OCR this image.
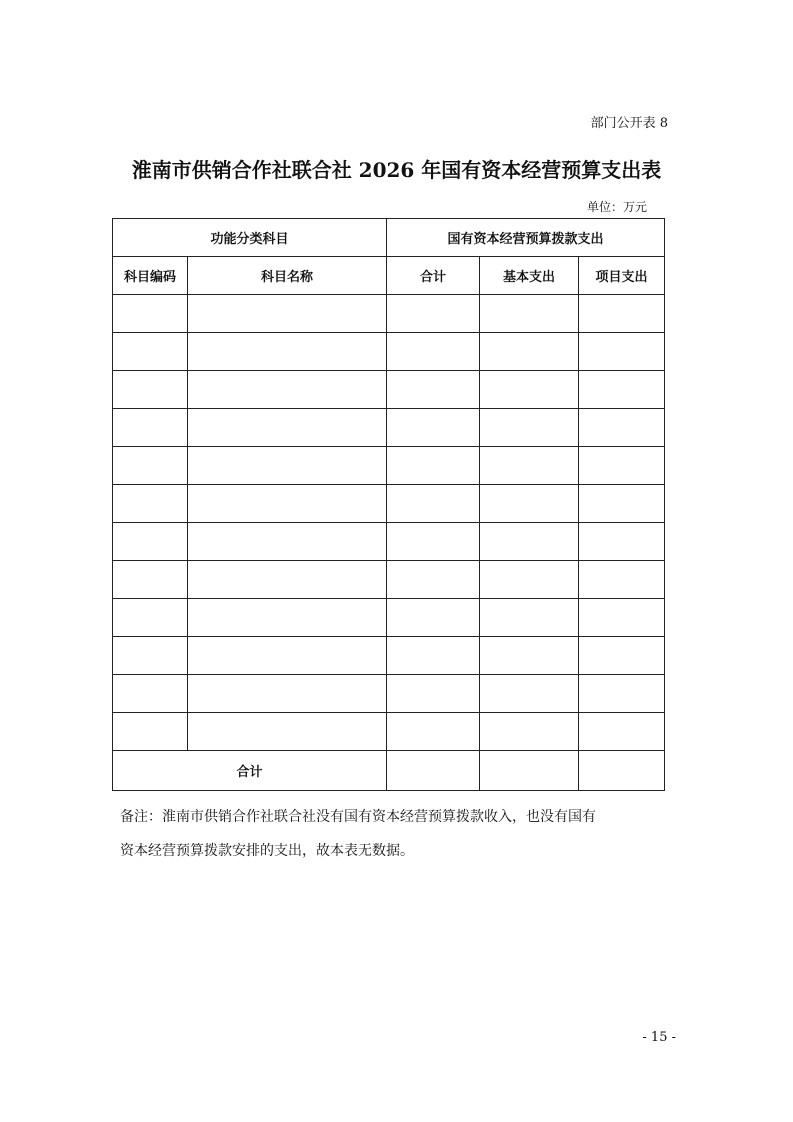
部门公开表 8
淮南市供销合作社联合社 2026 年国有资本经营预算支出表
单位：万元
功能分类科目		国有资本经营预算拨款支出		
科目编码	科目名称	合计	基本支出	项目支出

合计				
备注：淮南市供销合作社联合社没有国有资本经营预算拨款收入，也没有国有
资本经营预算拨款安排的支出，故本表无数据。
- 15 -
